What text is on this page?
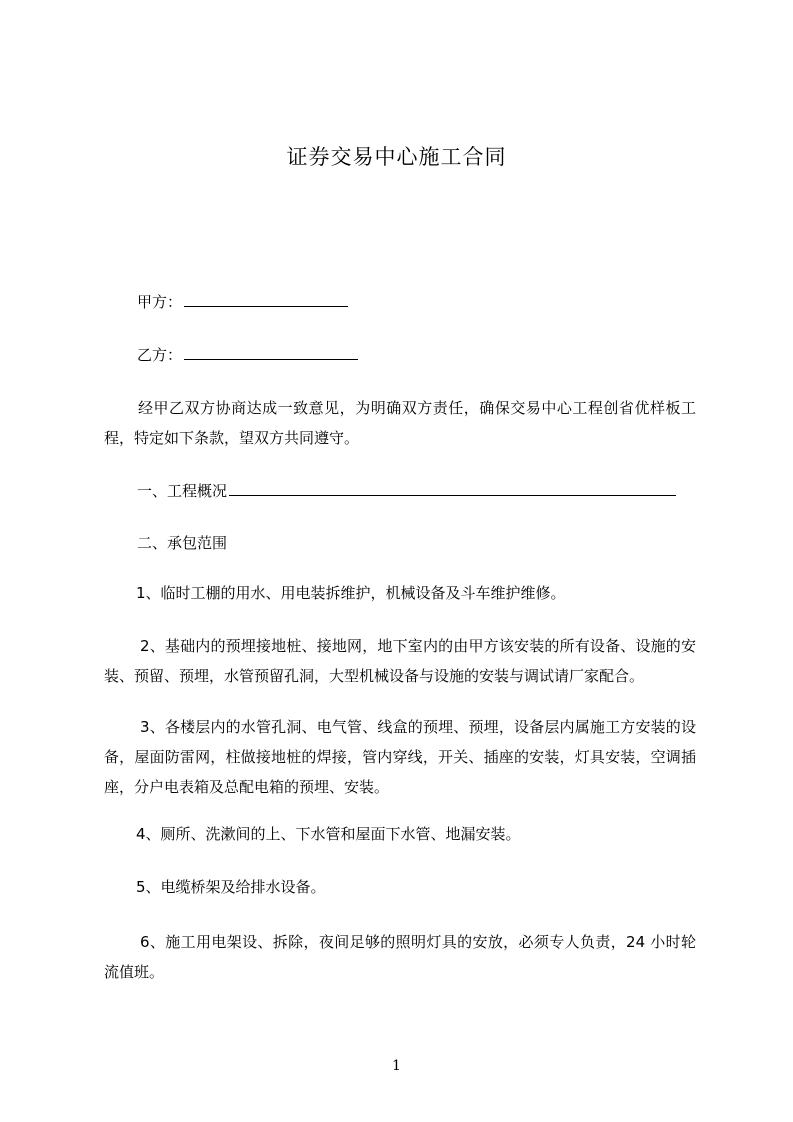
证券交易中心施工合同
甲方：
乙方：
经甲乙双方协商达成一致意见，为明确双方责任，确保交易中心工程创省优样板工程，特定如下条款，望双方共同遵守。
一、工程概况
二、承包范围
1、临时工棚的用水、用电装拆维护，机械设备及斗车维护维修。
2、基础内的预埋接地桩、接地网，地下室内的由甲方该安装的所有设备、设施的安装、预留、预埋，水管预留孔洞，大型机械设备与设施的安装与调试请厂家配合。
3、各楼层内的水管孔洞、电气管、线盒的预埋、预埋，设备层内属施工方安装的设备，屋面防雷网，柱做接地桩的焊接，管内穿线，开关、插座的安装，灯具安装，空调插座，分户电表箱及总配电箱的预埋、安装。
4、厕所、洗漱间的上、下水管和屋面下水管、地漏安装。
5、电缆桥架及给排水设备。
6、施工用电架设、拆除，夜间足够的照明灯具的安放，必须专人负责，24 小时轮流值班。
1
